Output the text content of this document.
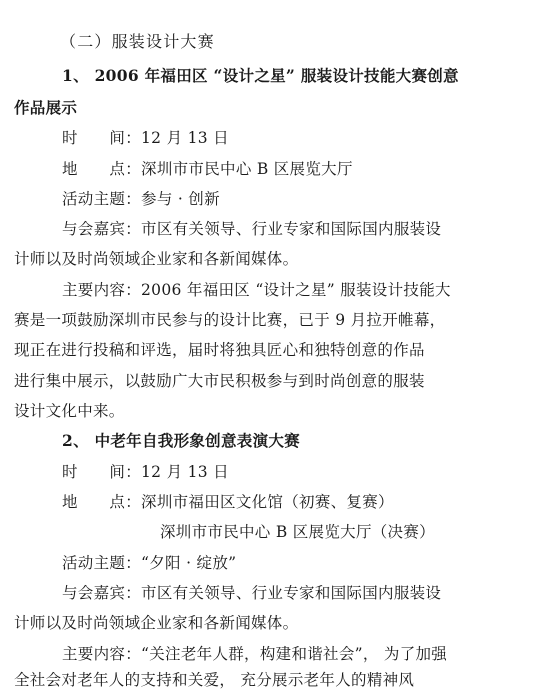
（二）服装设计大赛
1、 2006 年福田区 “设计之星” 服装设计技能大赛创意
作品展示
时　　间：12 月 13 日
地　　点：深圳市市民中心 B 区展览大厅
活动主题：参与 · 创新
与会嘉宾：市区有关领导、行业专家和国际国内服装设
计师以及时尚领域企业家和各新闻媒体。
主要内容：2006 年福田区 “设计之星” 服装设计技能大
赛是一项鼓励深圳市民参与的设计比赛，已于 9 月拉开帷幕，
现正在进行投稿和评选，届时将独具匠心和独特创意的作品
进行集中展示，以鼓励广大市民积极参与到时尚创意的服装
设计文化中来。
2、 中老年自我形象创意表演大赛
时　　间：12 月 13 日
地　　点：深圳市福田区文化馆（初赛、复赛）
深圳市市民中心 B 区展览大厅（决赛）
活动主题：“夕阳 · 绽放”
与会嘉宾：市区有关领导、行业专家和国际国内服装设
计师以及时尚领域企业家和各新闻媒体。
主要内容：“关注老年人群，构建和谐社会”， 为了加强
全社会对老年人的支持和关爱， 充分展示老年人的精神风
